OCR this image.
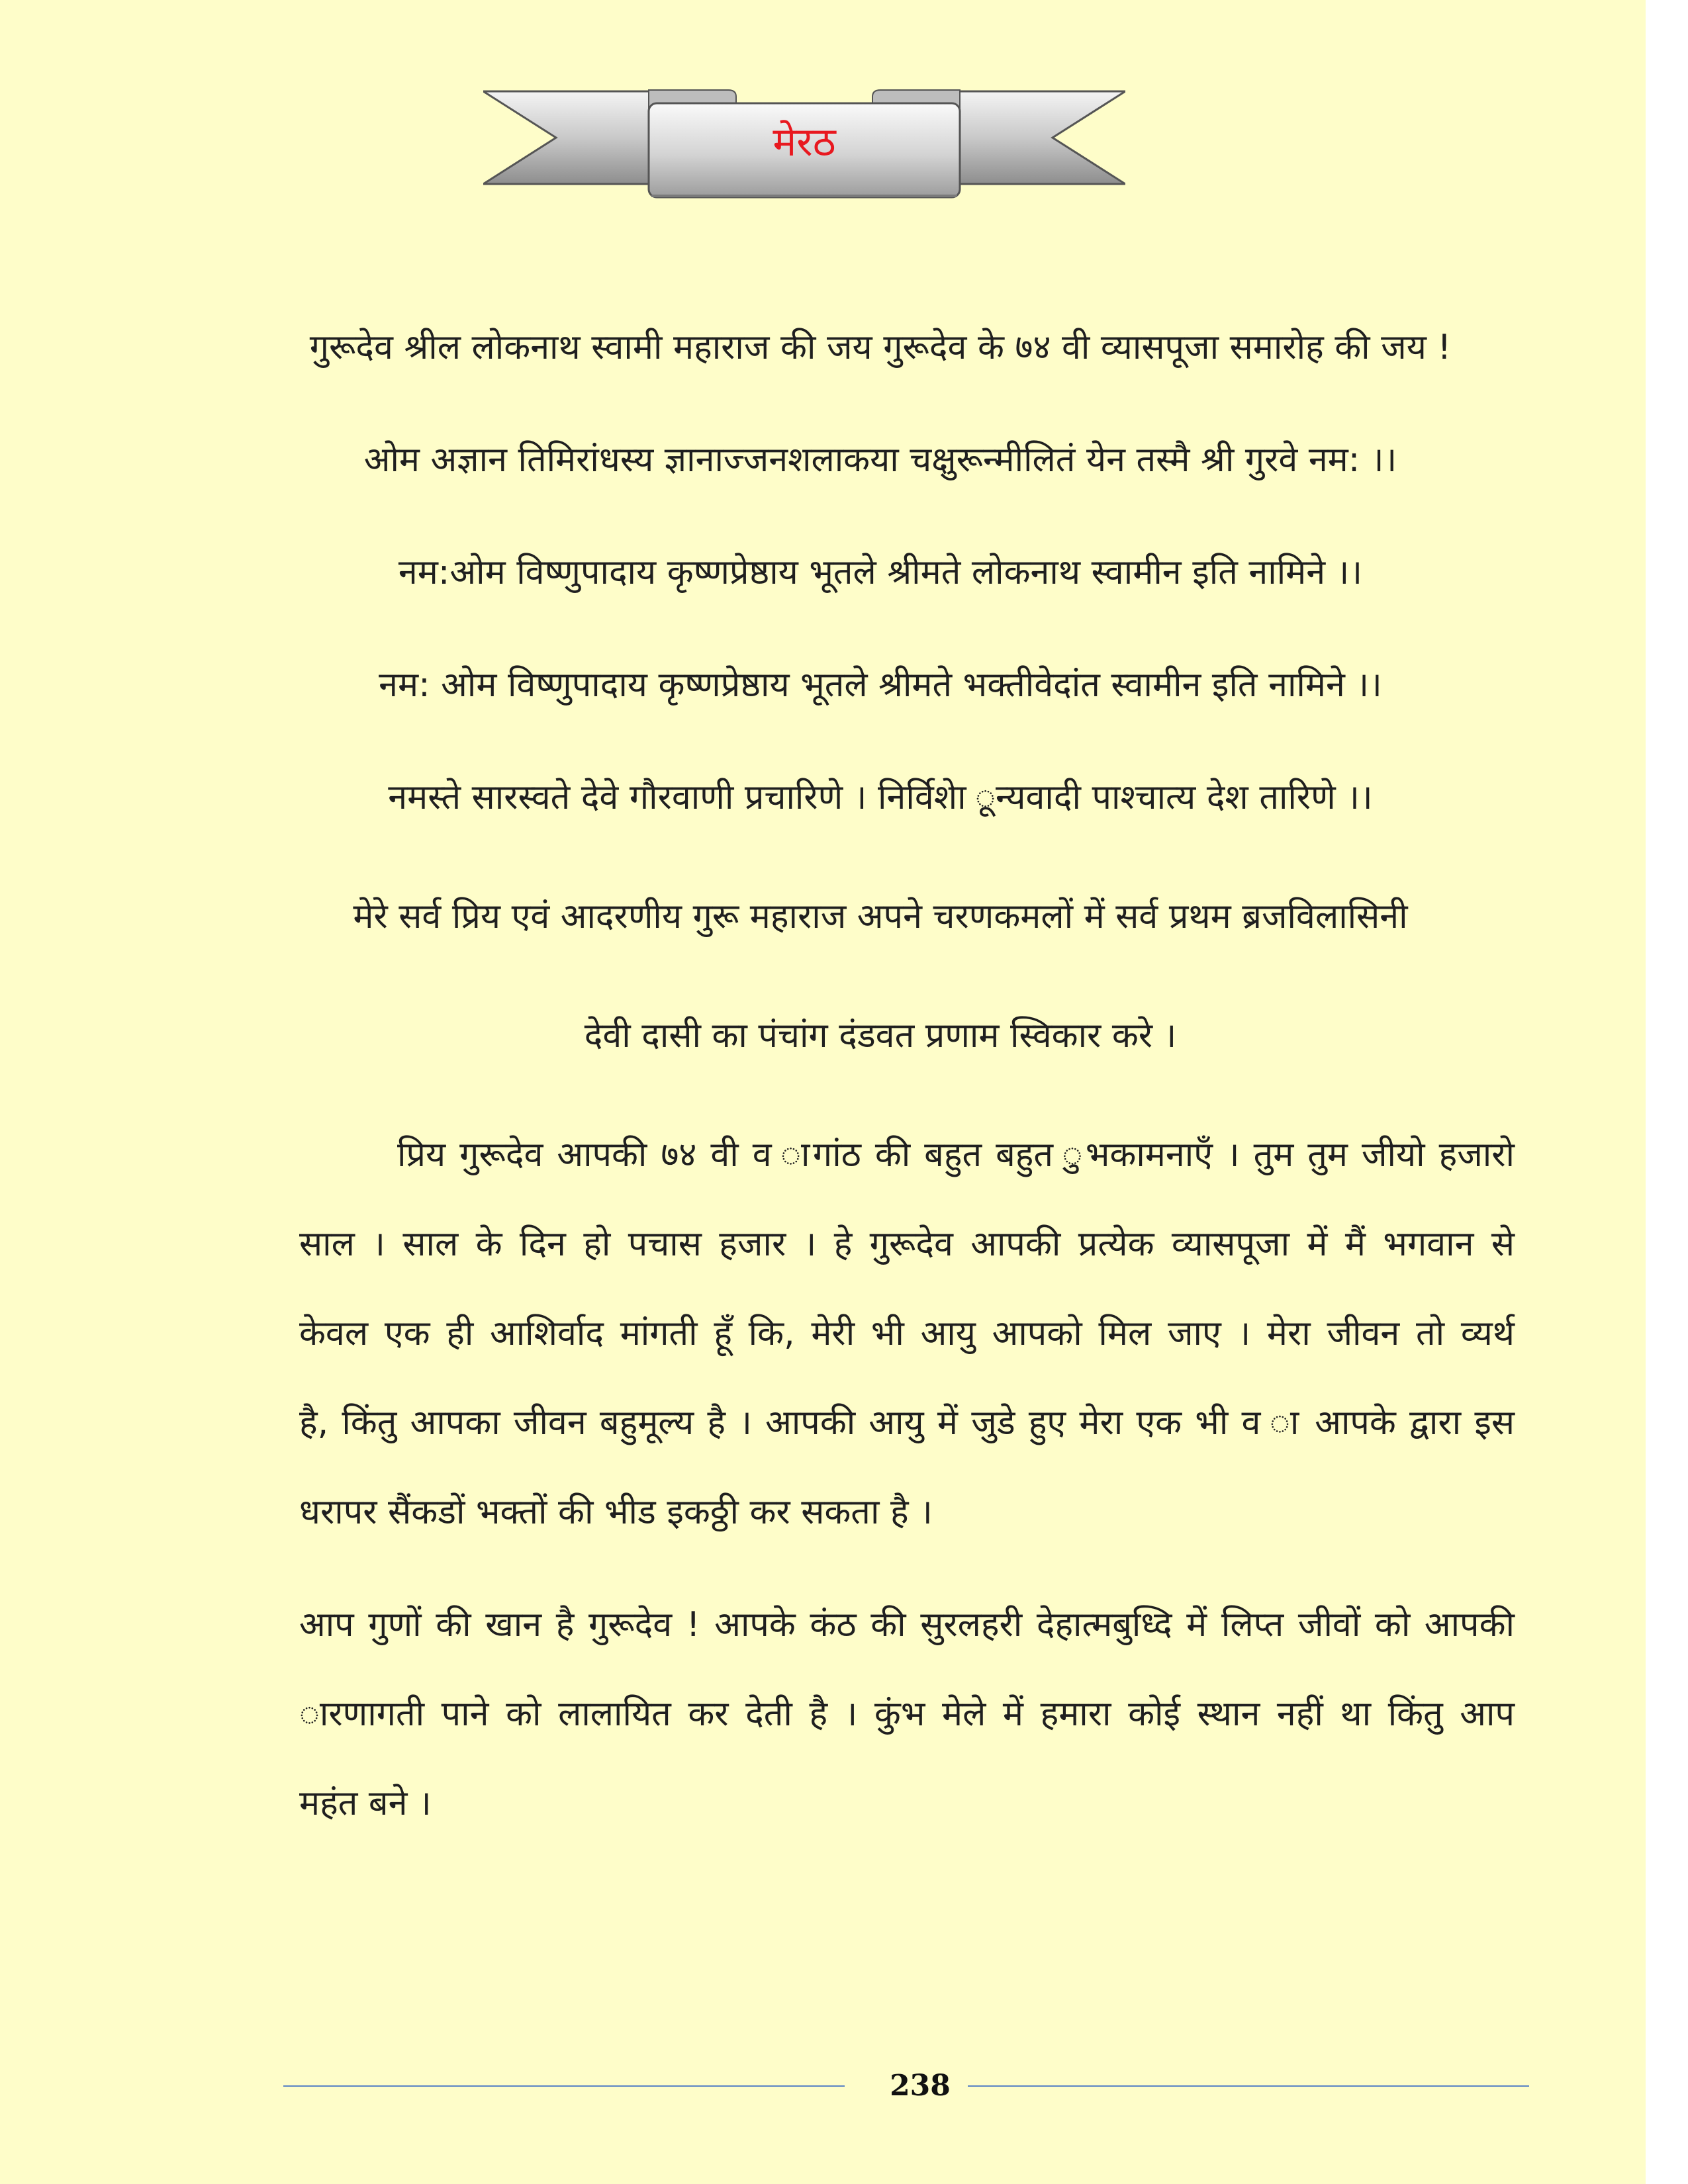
मेरठ
गुरूदेव श्रील लोकनाथ स्वामी महाराज की जय गुरूदेव के ७४ वी व्यासपूजा समारोह की जय !
ओम अज्ञान तिमिरांधस्य ज्ञानाज्जनशलाकया चक्षुरून्मीलितं येन तस्मै श्री गुरवे नम: ।।
नम:ओम विष्णुपादाय कृष्णप्रेष्ठाय भूतले श्रीमते लोकनाथ स्वामीन इति नामिने ।।
नम: ओम विष्णुपादाय कृष्णप्रेष्ठाय भूतले श्रीमते भक्तीवेदांत स्वामीन इति नामिने ।।
नमस्ते सारस्वते देवे गौरवाणी प्रचारिणे । निर्विशेा ून्यवादी पाश्चात्य देश तारिणे ।।
मेरे सर्व प्रिय एवं आदरणीय गुरू महाराज अपने चरणकमलों में सर्व प्रथम ब्रजविलासिनी
देवी दासी का पंचांग दंडवत प्रणाम स्विकार करे ।
प्रिय गुरूदेव आपकी ७४ वी व ागांठ की बहुत बहुत ुभकामनाऍं । तुम तुम जीयो हजारो
साल । साल के दिन हो पचास हजार । हे गुरूदेव आपकी प्रत्येक व्यासपूजा में मैं भगवान से
केवल एक ही आशिर्वाद मांगती हूँ कि, मेरी भी आयु आपको मिल जाए । मेरा जीवन तो व्यर्थ
है, किंतु आपका जीवन बहुमूल्य है । आपकी आयु में जुडे हुए मेरा एक भी व ा आपके द्वारा इस
धरापर सैंकडों भक्तों की भीड इकठ्ठी कर सकता है ।
आप गुणों की खान है गुरूदेव ! आपके कंठ की सुरलहरी देहात्मबुध्दि में लिप्त जीवों को आपकी
ारणागती पाने को लालायित कर देती है । कुंभ मेले में हमारा कोई स्थान नहीं था किंतु आप
महंत बने ।
238
